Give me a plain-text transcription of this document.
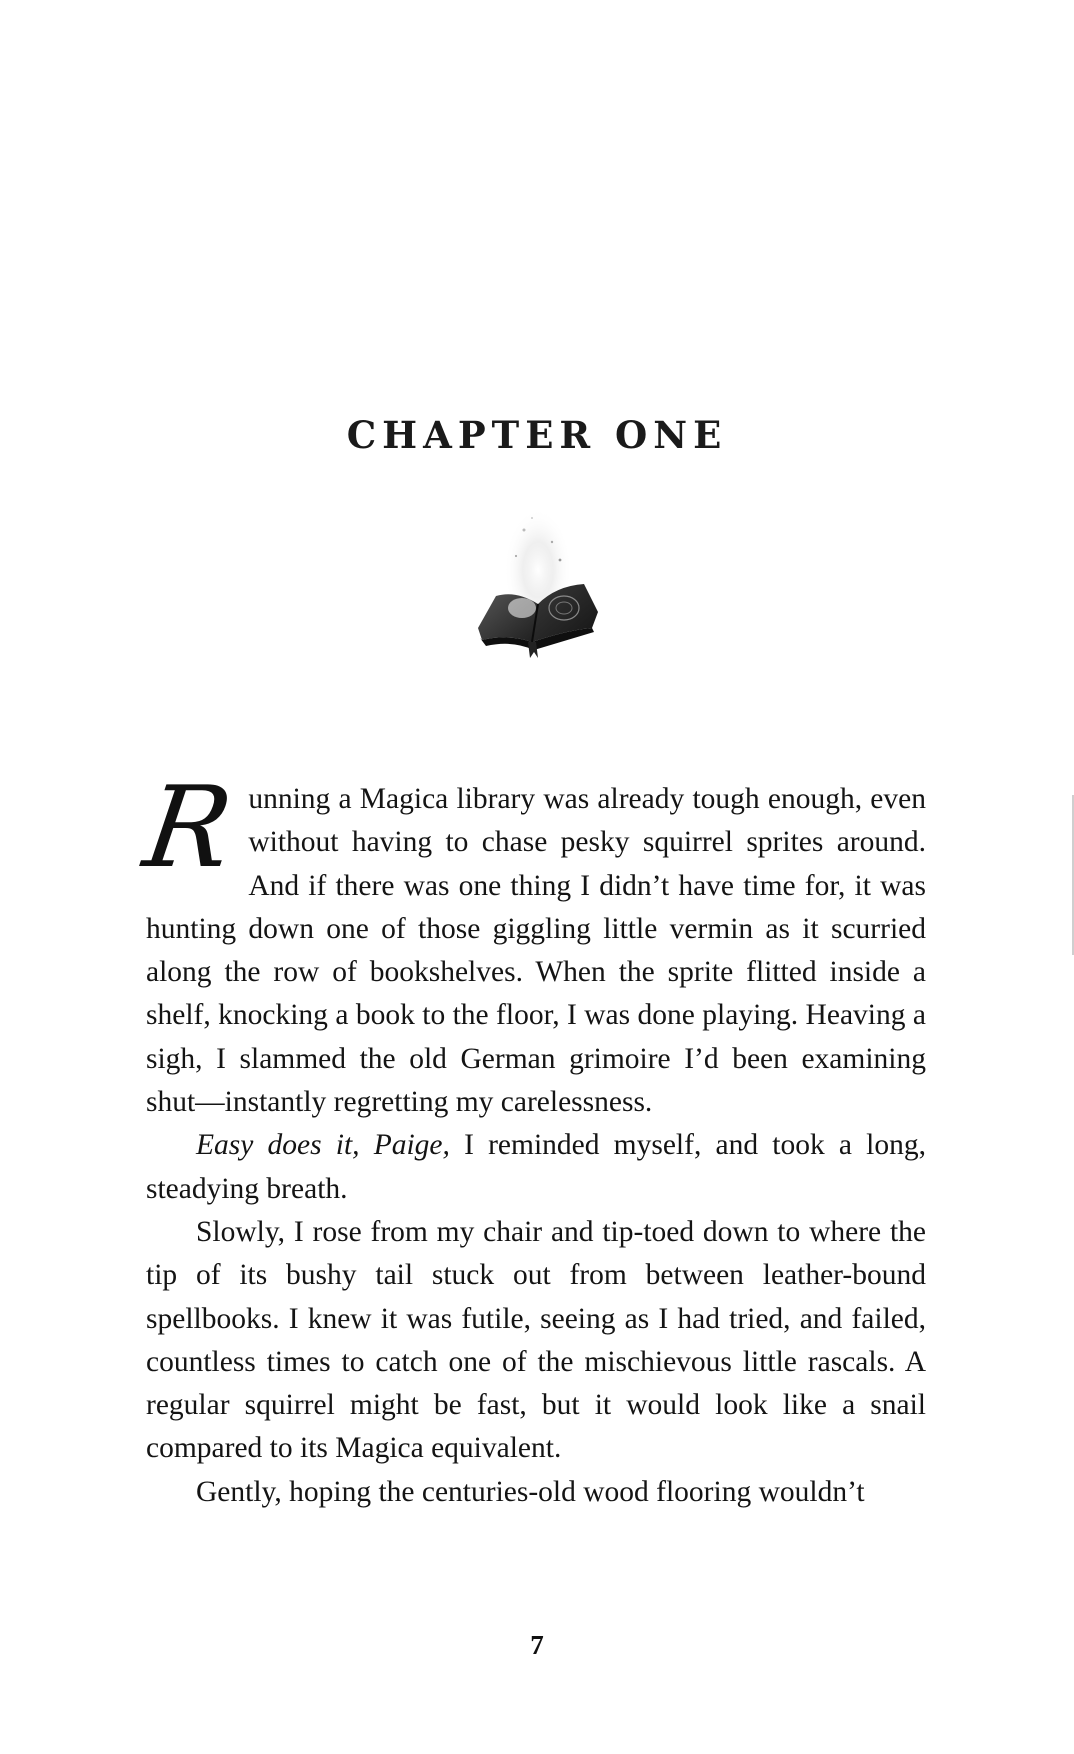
CHAPTER ONE

Running a Magica library was already tough enough, even without having to chase pesky squirrel sprites around. And if there was one thing I didn’t have time for, it was hunting down one of those giggling little vermin as it scurried along the row of bookshelves. When the sprite flitted inside a shelf, knocking a book to the floor, I was done playing. Heaving a sigh, I slammed the old German grimoire I’d been examining shut—instantly regretting my carelessness.

Easy does it, Paige, I reminded myself, and took a long, steadying breath.

Slowly, I rose from my chair and tip-toed down to where the tip of its bushy tail stuck out from between leather-bound spellbooks. I knew it was futile, seeing as I had tried, and failed, countless times to catch one of the mischievous little rascals. A regular squirrel might be fast, but it would look like a snail compared to its Magica equivalent.

Gently, hoping the centuries-old wood flooring wouldn’t

7
